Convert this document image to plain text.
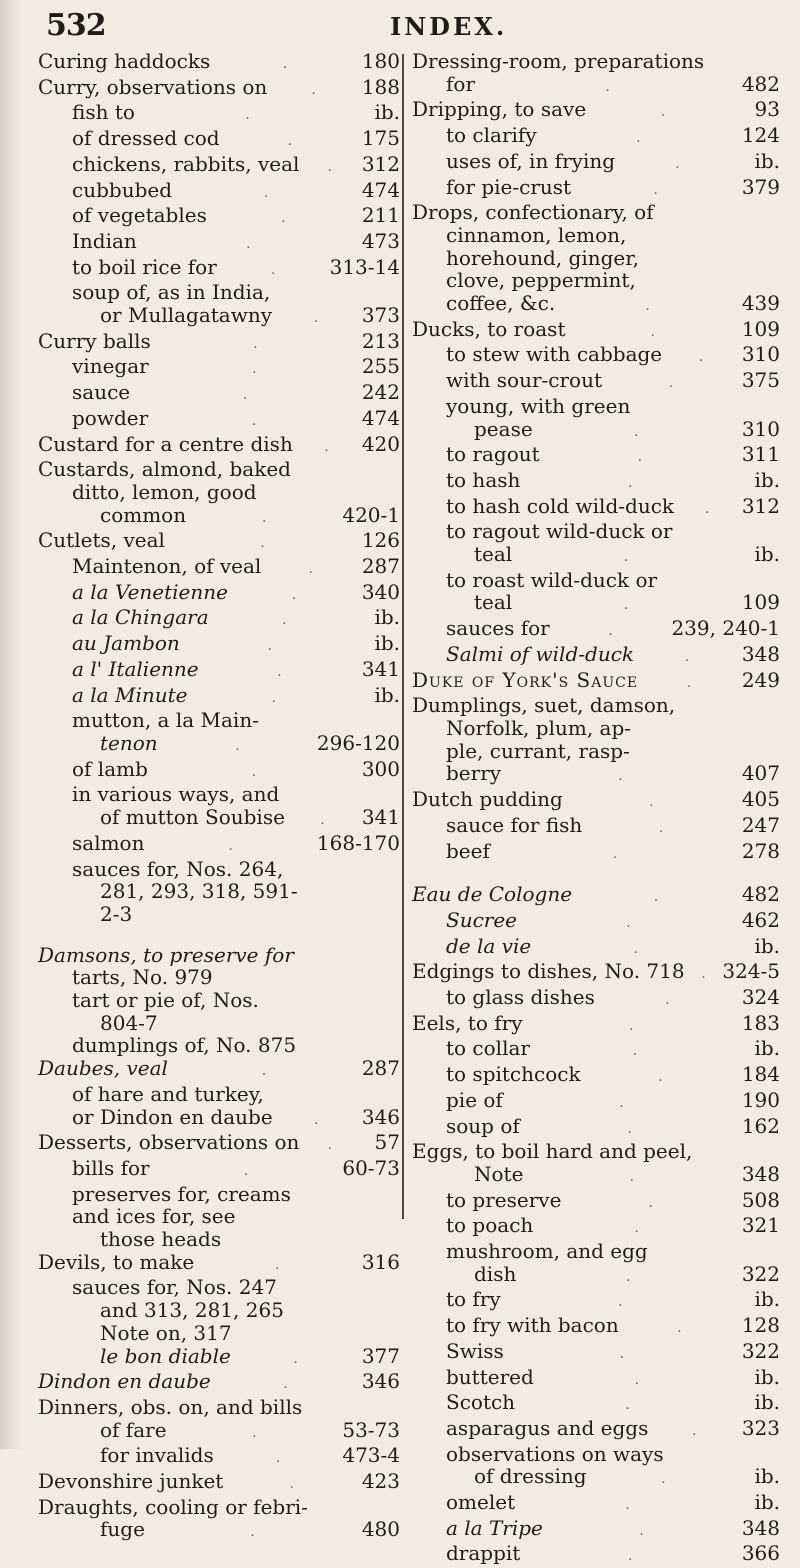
532	INDEX.
Curing haddocks	.	180
Curry, observations on	.	188
fish to	.	ib.
of dressed cod	.	175
chickens, rabbits, veal	.	312
cubbubed	.	474
of vegetables	.	211
Indian	.	473
to boil rice for	.	313-14
soup of, as in India,
or Mullagatawny	.	373
Curry balls	.	213
vinegar	.	255
sauce	.	242
powder	.	474
Custard for a centre dish	.	420
Custards, almond, baked
ditto, lemon, good
common	.	420-1
Cutlets, veal	.	126
Maintenon, of veal	.	287
a la Venetienne	.	340
a la Chingara	.	ib.
au Jambon	.	ib.
a l' Italienne	.	341
a la Minute	.	ib.
mutton, a la Main-
tenon	.	296-120
of lamb	.	300
in various ways, and
of mutton Soubise	.	341
salmon	.	168-170
sauces for, Nos. 264,
281, 293, 318, 591-
2-3
Damsons, to preserve for
tarts, No. 979
tart or pie of, Nos.
804-7
dumplings of, No. 875
Daubes, veal	.	287
of hare and turkey,
or Dindon en daube	.	346
Desserts, observations on	.	57
bills for	.	60-73
preserves for, creams
and ices for, see
those heads
Devils, to make	.	316
sauces for, Nos. 247
and 313, 281, 265
Note on, 317
le bon diable	.	377
Dindon en daube	.	346
Dinners, obs. on, and bills
of fare	.	53-73
for invalids	.	473-4
Devonshire junket	.	423
Draughts, cooling or febri-
fuge	.	480
Dressing-room, preparations
for	.	482
Dripping, to save	.	93
to clarify	.	124
uses of, in frying	.	ib.
for pie-crust	.	379
Drops, confectionary, of
cinnamon, lemon,
horehound, ginger,
clove, peppermint,
coffee, &c.	.	439
Ducks, to roast	.	109
to stew with cabbage	.	310
with sour-crout	.	375
young, with green
pease	.	310
to ragout	.	311
to hash	.	ib.
to hash cold wild-duck	.	312
to ragout wild-duck or
teal	.	ib.
to roast wild-duck or
teal	.	109
sauces for	.	239, 240-1
Salmi of wild-duck	.	348
Duke of York's Sauce	.	249
Dumplings, suet, damson,
Norfolk, plum, ap-
ple, currant, rasp-
berry	.	407
Dutch pudding	.	405
sauce for fish	.	247
beef	.	278
Eau de Cologne	.	482
Sucree	.	462
de la vie	.	ib.
Edgings to dishes, No. 718	. 324-5
to glass dishes	.	324
Eels, to fry	.	183
to collar	.	ib.
to spitchcock	.	184
pie of	.	190
soup of	.	162
Eggs, to boil hard and peel,
Note	.	348
to preserve	.	508
to poach	.	321
mushroom, and egg
dish	.	322
to fry	.	ib.
to fry with bacon	.	128
Swiss	.	322
buttered	.	ib.
Scotch	.	ib.
asparagus and eggs	.	323
observations on ways
of dressing	.	ib.
omelet	.	ib.
a la Tripe	.	348
drappit	.	366
